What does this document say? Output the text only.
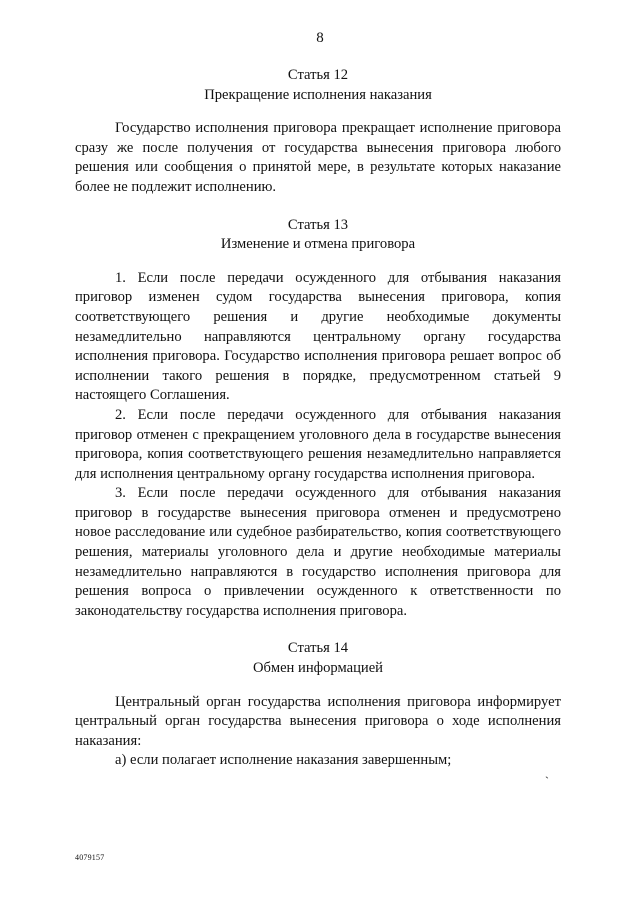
8

Статья 12

Прекращение исполнения наказания

Государство исполнения приговора прекращает исполнение приговора сразу же после получения от государства вынесения приговора любого решения или сообщения о принятой мере, в результате которых наказание более не подлежит исполнению.

Статья 13

Изменение и отмена приговора

1. Если после передачи осужденного для отбывания наказания приговор изменен судом государства вынесения приговора, копия соответствующего решения и другие необходимые документы незамедлительно направляются центральному органу государства исполнения приговора. Государство исполнения приговора решает вопрос об исполнении такого решения в порядке, предусмотренном статьей 9 настоящего Соглашения.

2. Если после передачи осужденного для отбывания наказания приговор отменен с прекращением уголовного дела в государстве вынесения приговора, копия соответствующего решения незамедлительно направляется для исполнения центральному органу государства исполнения приговора.

3. Если после передачи осужденного для отбывания наказания приговор в государстве вынесения приговора отменен и предусмотрено новое расследование или судебное разбирательство, копия соответствующего решения, материалы уголовного дела и другие необходимые материалы незамедлительно направляются в государство исполнения приговора для решения вопроса о привлечении осужденного к ответственности по законодательству государства исполнения приговора.

Статья 14

Обмен информацией

Центральный орган государства исполнения приговора информирует центральный орган государства вынесения приговора о ходе исполнения наказания:

а) если полагает исполнение наказания завершенным;

`
4079157
